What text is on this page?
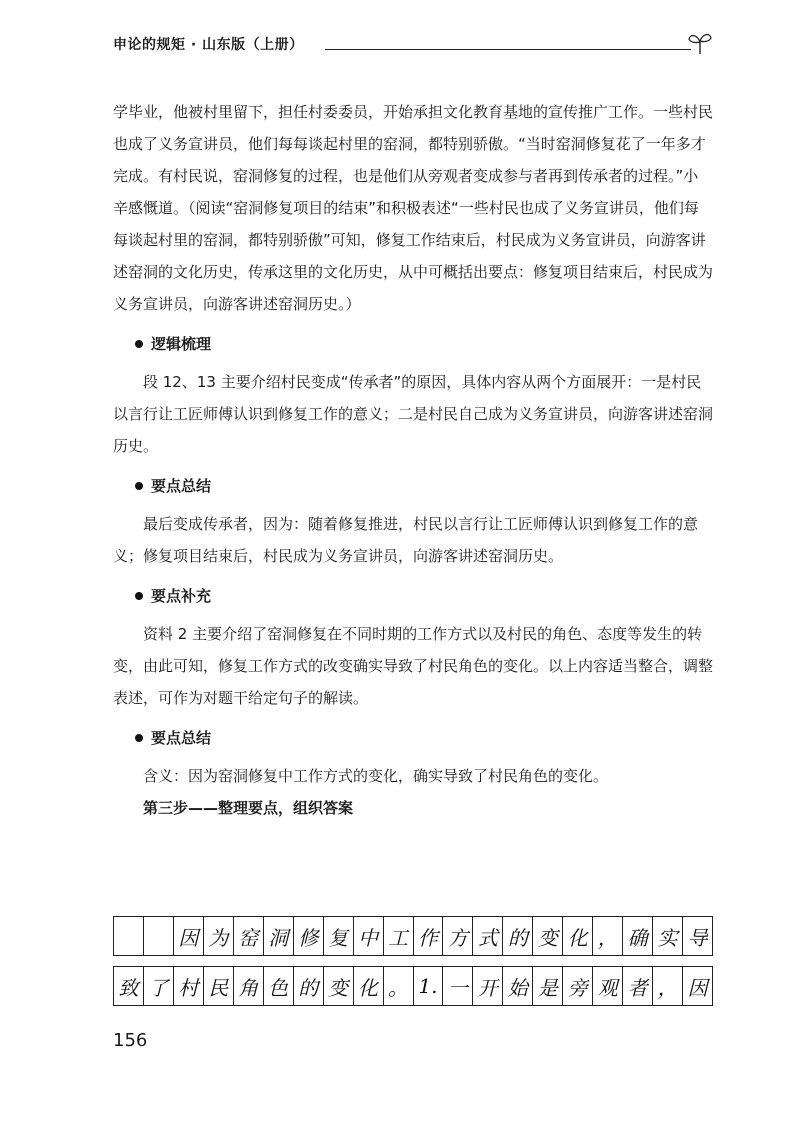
申论的规矩 · 山东版（上册）

学毕业，他被村里留下，担任村委委员，开始承担文化教育基地的宣传推广工作。一些村民也成了义务宣讲员，他们每每谈起村里的窑洞，都特别骄傲。“当时窑洞修复花了一年多才完成。有村民说，窑洞修复的过程，也是他们从旁观者变成参与者再到传承者的过程。”小辛感慨道。（阅读“窑洞修复项目的结束”和积极表述“一些村民也成了义务宣讲员，他们每每谈起村里的窑洞，都特别骄傲”可知，修复工作结束后，村民成为义务宣讲员，向游客讲述窑洞的文化历史，传承这里的文化历史，从中可概括出要点：修复项目结束后，村民成为义务宣讲员，向游客讲述窑洞历史。）

逻辑梳理

段 12、13 主要介绍村民变成“传承者”的原因，具体内容从两个方面展开：一是村民以言行让工匠师傅认识到修复工作的意义；二是村民自己成为义务宣讲员，向游客讲述窑洞历史。

要点总结

最后变成传承者，因为：随着修复推进，村民以言行让工匠师傅认识到修复工作的意义；修复项目结束后，村民成为义务宣讲员，向游客讲述窑洞历史。

要点补充

资料 2 主要介绍了窑洞修复在不同时期的工作方式以及村民的角色、态度等发生的转变，由此可知，修复工作方式的改变确实导致了村民角色的变化。以上内容适当整合，调整表述，可作为对题干给定句子的解读。

要点总结

含义：因为窑洞修复中工作方式的变化，确实导致了村民角色的变化。

第三步——整理要点，组织答案
因 为 窑 洞 修 复 中 工 作 方 式 的 变 化 ， 确 实 导
致 了 村 民 角 色 的 变 化 。 1. 一 开 始 是 旁 观 者 ， 因
156
